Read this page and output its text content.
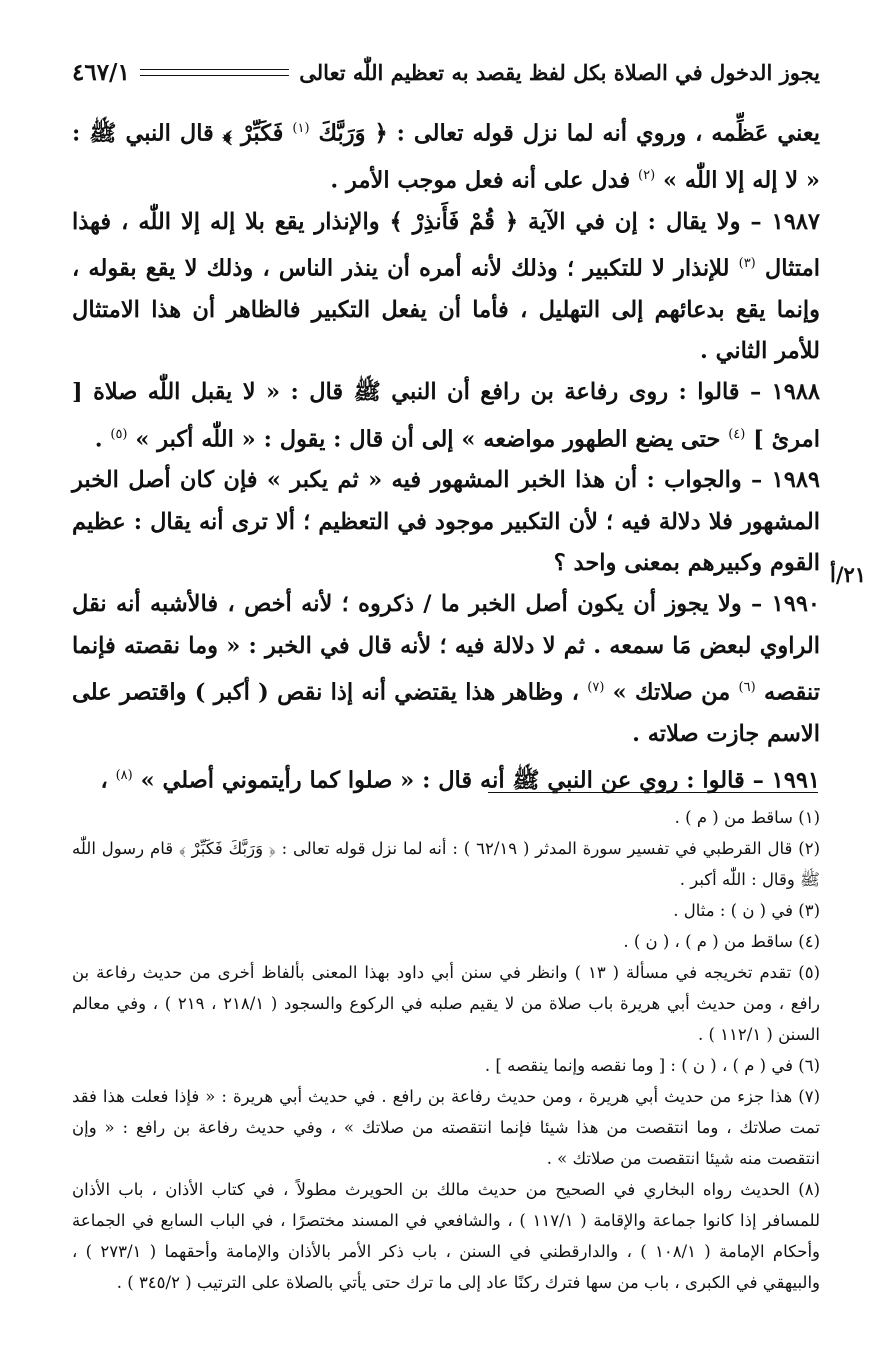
يجوز الدخول في الصلاة بكل لفظ يقصد به تعظيم اللّٰه تعالى
٤٦٧/١
٢١/أ

يعني عَظِّمه ، وروي أنه لما نزل قوله تعالى : ﴿ وَرَبَّكَ $^{(١)}$ فَكَبِّرْ ﴾ قال النبي ﷺ : « لا إله إلا اللّٰه » $^{(٢)}$ فدل على أنه فعل موجب الأمر .

١٩٨٧ – ولا يقال : إن في الآية ﴿ قُمْ فَأَنذِرْ ﴾ والإنذار يقع بلا إله إلا اللّٰه ، فهذا امتثال $^{(٣)}$ للإنذار لا للتكبير ؛ وذلك لأنه أمره أن ينذر الناس ، وذلك لا يقع بقوله ، وإنما يقع بدعائهم إلى التهليل ، فأما أن يفعل التكبير فالظاهر أن هذا الامتثال للأمر الثاني .

١٩٨٨ – قالوا : روى رفاعة بن رافع أن النبي ﷺ قال : « لا يقبل اللّٰه صلاة [ امرئ ] $^{(٤)}$ حتى يضع الطهور مواضعه » إلى أن قال : يقول : « اللّٰه أكبر » $^{(٥)}$ .

١٩٨٩ – والجواب : أن هذا الخبر المشهور فيه « ثم يكبر » فإن كان أصل الخبر المشهور فلا دلالة فيه ؛ لأن التكبير موجود في التعظيم ؛ ألا ترى أنه يقال : عظيم القوم وكبيرهم بمعنى واحد ؟

١٩٩٠ – ولا يجوز أن يكون أصل الخبر ما / ذكروه ؛ لأنه أخص ، فالأشبه أنه نقل الراوي لبعض مَا سمعه . ثم لا دلالة فيه ؛ لأنه قال في الخبر : « وما نقصته فإنما تنقصه $^{(٦)}$ من صلاتك » $^{(٧)}$ ، وظاهر هذا يقتضي أنه إذا نقص ( أكبر ) واقتصر على الاسم جازت صلاته .

١٩٩١ – قالوا : روي عن النبي ﷺ أنه قال : « صلوا كما رأيتموني أصلي » $^{(٨)}$ ،

(١) ساقط من ( م ) .

(٢) قال القرطبي في تفسير سورة المدثر ( ٦٢/١٩ ) : أنه لما نزل قوله تعالى : ﴿ وَرَبَّكَ فَكَبِّرْ ﴾ قام رسول اللّٰه ﷺ وقال : اللّٰه أكبر .

(٣) في ( ن ) : مثال .

(٤) ساقط من ( م ) ، ( ن ) .

(٥) تقدم تخريجه في مسألة ( ١٣ ) وانظر في سنن أبي داود بهذا المعنى بألفاظ أخرى من حديث رفاعة بن رافع ، ومن حديث أبي هريرة باب صلاة من لا يقيم صلبه في الركوع والسجود ( ٢١٨/١ ، ٢١٩ ) ، وفي معالم السنن ( ١١٢/١ ) .

(٦) في ( م ) ، ( ن ) : [ وما نقصه وإنما ينقصه ] .

(٧) هذا جزء من حديث أبي هريرة ، ومن حديث رفاعة بن رافع . في حديث أبي هريرة : « فإذا فعلت هذا فقد تمت صلاتك ، وما انتقصت من هذا شيئا فإنما انتقصته من صلاتك » ، وفي حديث رفاعة بن رافع : « وإن انتقصت منه شيئا انتقصت من صلاتك » .

(٨) الحديث رواه البخاري في الصحيح من حديث مالك بن الحويرث مطولاً ، في كتاب الأذان ، باب الأذان للمسافر إذا كانوا جماعة والإقامة ( ١١٧/١ ) ، والشافعي في المسند مختصرًا ، في الباب السابع في الجماعة وأحكام الإمامة ( ١٠٨/١ ) ، والدارقطني في السنن ، باب ذكر الأمر بالأذان والإمامة وأحقهما ( ٢٧٣/١ ) ، والبيهقي في الكبرى ، باب من سها فترك ركنًا عاد إلى ما ترك حتى يأتي بالصلاة على الترتيب ( ٣٤٥/٢ ) .
